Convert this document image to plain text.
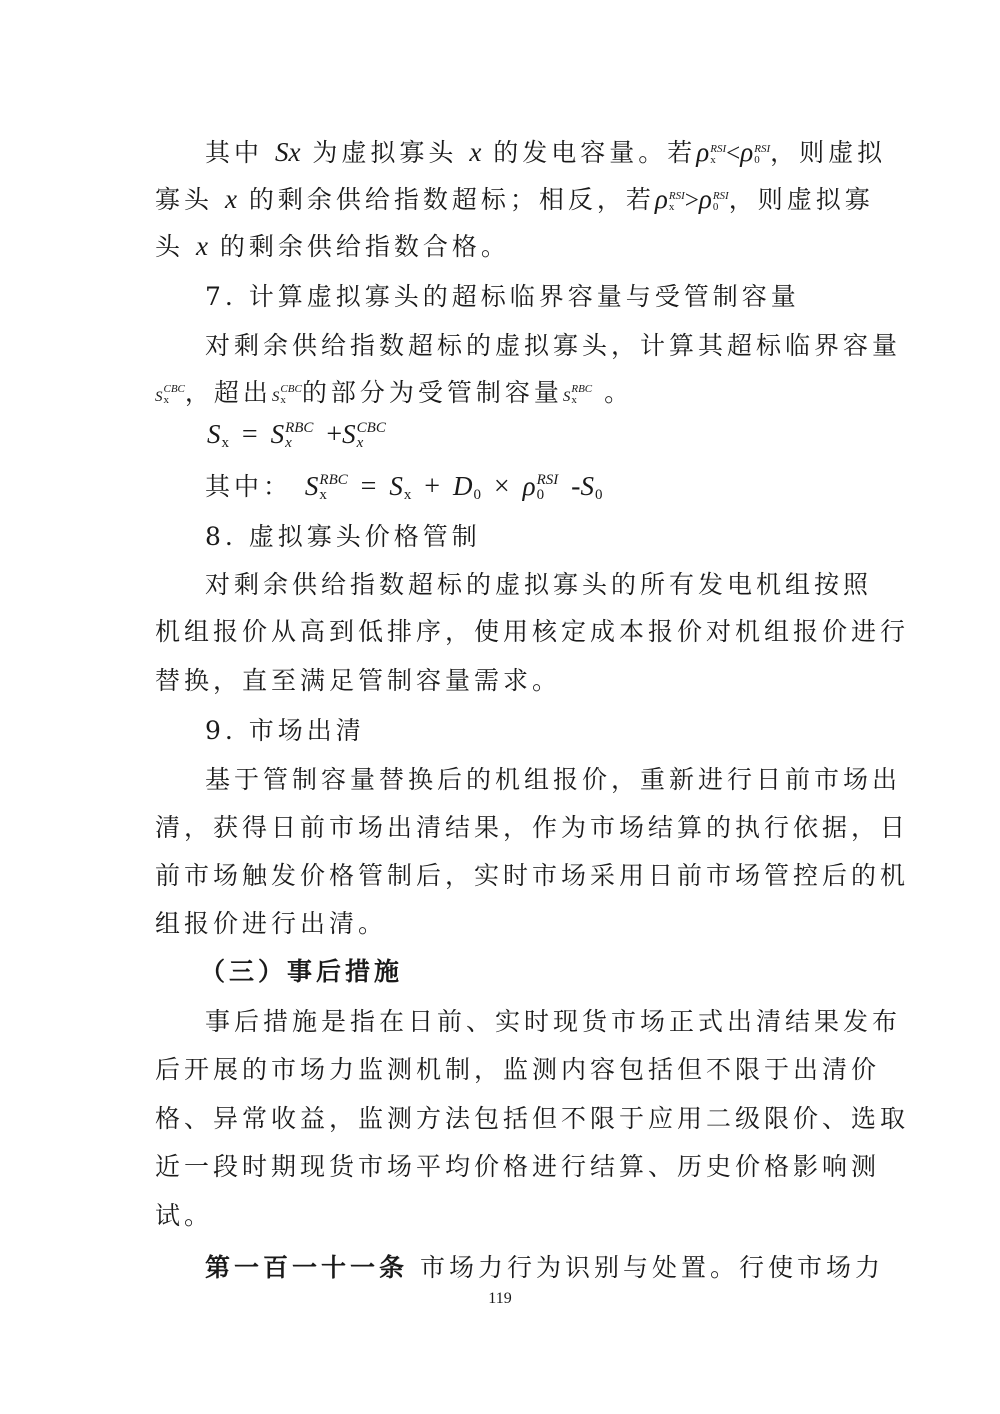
其中 Sx 为虚拟寡头 x 的发电容量。若ρ RSI
x <ρ RSI
0 ，则虚拟
寡头 x 的剩余供给指数超标；相反，若ρ RSI
x >ρ RSI
0 ，则虚拟寡
头 x 的剩余供给指数合格。
7. 计算虚拟寡头的超标临界容量与受管制容量
对剩余供给指数超标的虚拟寡头，计算其超标临界容量
S
CBC
x ，超出S
CBC
x 的部分为受管制容量S
RBC
x 。
S
x = S RBC
x	+S CBC
x
其中： S RBC
x	= S
x + D
0 × ρ RSI
0 -S
0
8. 虚拟寡头价格管制
对剩余供给指数超标的虚拟寡头的所有发电机组按照
机组报价从高到低排序，使用核定成本报价对机组报价进行
替换，直至满足管制容量需求。
9. 市场出清
基于管制容量替换后的机组报价，重新进行日前市场出
清，获得日前市场出清结果，作为市场结算的执行依据，日
前市场触发价格管制后，实时市场采用日前市场管控后的机
组报价进行出清。
（三）事后措施
事后措施是指在日前、实时现货市场正式出清结果发布
后开展的市场力监测机制，监测内容包括但不限于出清价
格、异常收益，监测方法包括但不限于应用二级限价、选取
近一段时期现货市场平均价格进行结算、历史价格影响测
试。
第一百一十一条 市场力行为识别与处置。行使市场力
119
